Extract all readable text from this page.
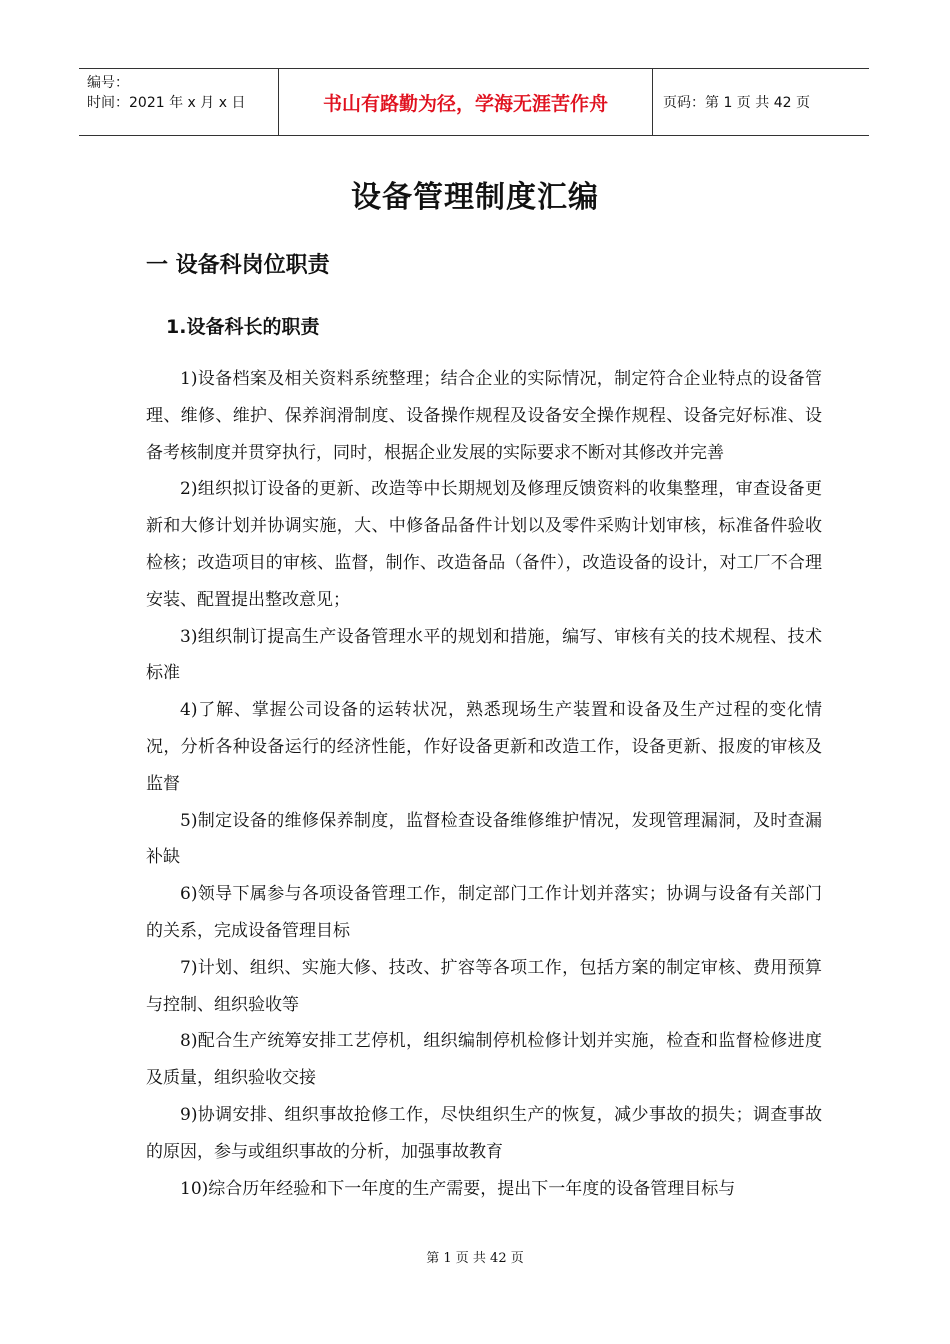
编号：
时间：2021 年 x 月 x 日	书山有路勤为径，学海无涯苦作舟	页码：第 1 页 共 42 页
设备管理制度汇编
一 设备科岗位职责
1.设备科长的职责

1)设备档案及相关资料系统整理；结合企业的实际情况，制定符合企业特点的设备管理、维修、维护、保养润滑制度、设备操作规程及设备安全操作规程、设备完好标准、设备考核制度并贯穿执行，同时，根据企业发展的实际要求不断对其修改并完善

2)组织拟订设备的更新、改造等中长期规划及修理反馈资料的收集整理，审查设备更新和大修计划并协调实施，大、中修备品备件计划以及零件采购计划审核，标准备件验收检核；改造项目的审核、监督，制作、改造备品（备件），改造设备的设计，对工厂不合理安装、配置提出整改意见；

3)组织制订提高生产设备管理水平的规划和措施，编写、审核有关的技术规程、技术标准

4)了解、掌握公司设备的运转状况，熟悉现场生产装置和设备及生产过程的变化情况，分析各种设备运行的经济性能，作好设备更新和改造工作，设备更新、报废的审核及监督

5)制定设备的维修保养制度，监督检查设备维修维护情况，发现管理漏洞，及时查漏补缺

6)领导下属参与各项设备管理工作，制定部门工作计划并落实；协调与设备有关部门的关系，完成设备管理目标

7)计划、组织、实施大修、技改、扩容等各项工作，包括方案的制定审核、费用预算与控制、组织验收等

8)配合生产统筹安排工艺停机，组织编制停机检修计划并实施，检查和监督检修进度及质量，组织验收交接

9)协调安排、组织事故抢修工作，尽快组织生产的恢复，减少事故的损失；调查事故的原因，参与或组织事故的分析，加强事故教育

10)综合历年经验和下一年度的生产需要，提出下一年度的设备管理目标与

第 1 页 共 42 页
